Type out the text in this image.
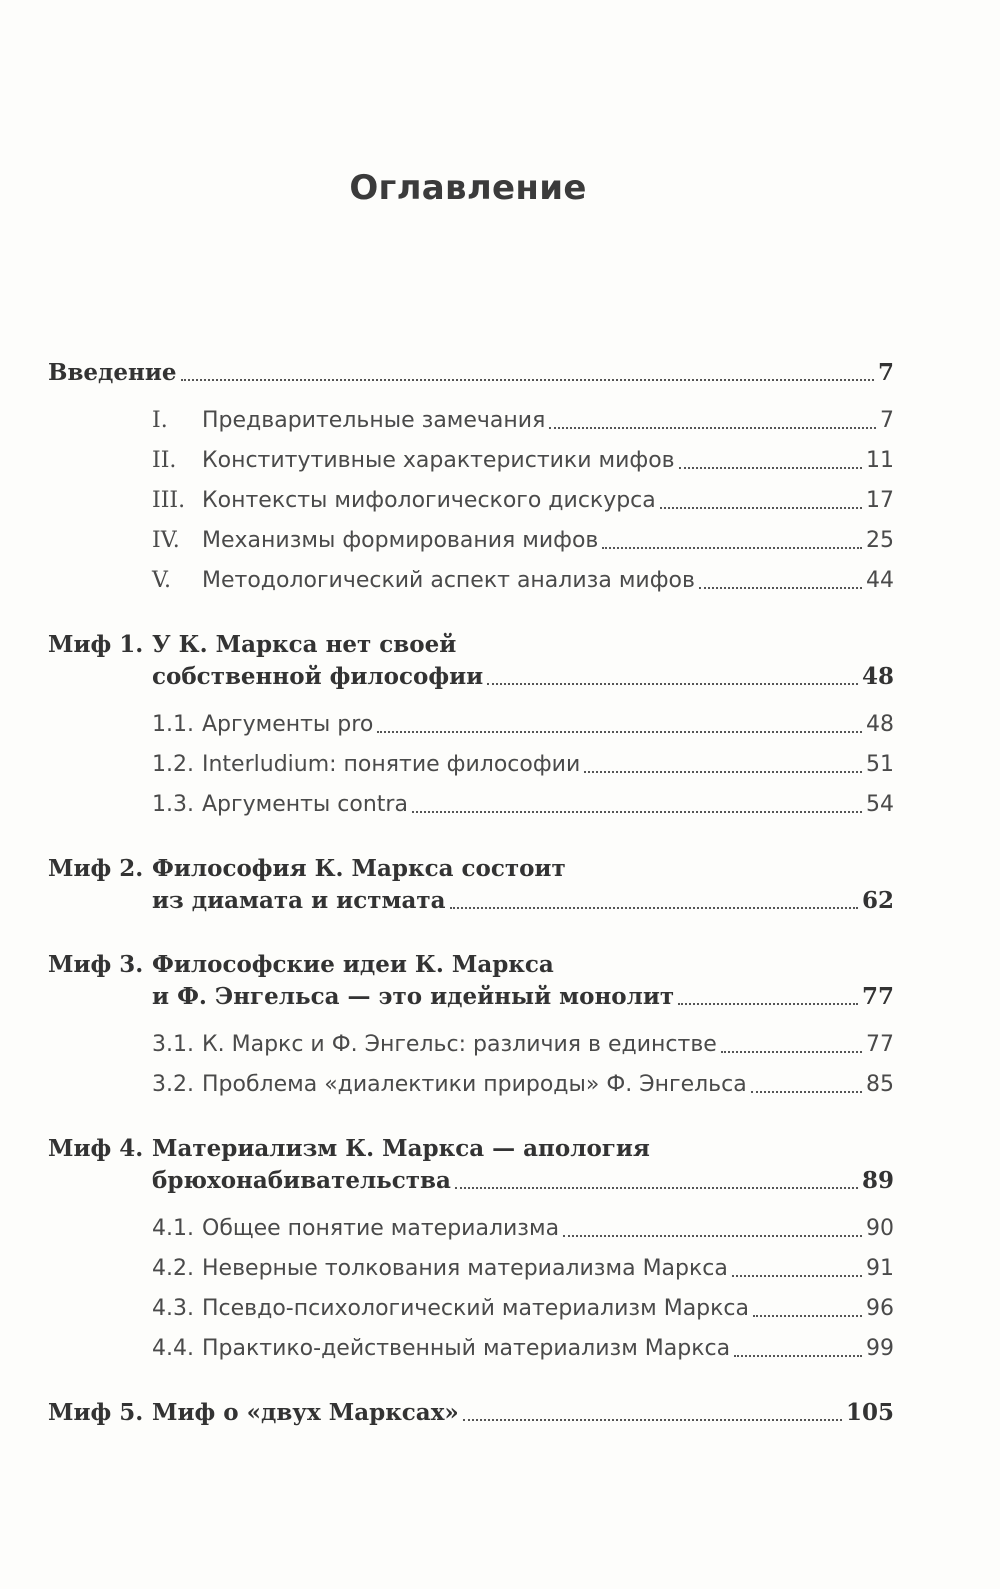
Оглавление
Введение	7
I.	Предварительные замечания	7
II.	Конститутивные характеристики мифов	11
III. Контексты мифологического дискурса	17
IV.	Механизмы формирования мифов	25
V.	Методологический аспект анализа мифов	44
Миф 1. У К. Маркса нет своей
собственной философии	48
1.1. Аргументы pro	48
1.2. Interludium: понятие философии	51
1.3. Аргументы contra	54
Миф 2. Философия К. Маркса состоит
из диамата и истмата	62
Миф 3. Философские идеи К. Маркса
и Ф. Энгельса — это идейный монолит	77
3.1. К. Маркс и Ф. Энгельс: различия в единстве	77
3.2. Проблема «диалектики природы» Ф. Энгельса	85
Миф 4. Материализм К. Маркса — апология
брюхонабивательства	89
4.1. Общее понятие материализма	90
4.2. Неверные толкования материализма Маркса	91
4.3. Псевдо-психологический материализм Маркса	96
4.4. Практико-действенный материализм Маркса	99
Миф 5. Миф о «двух Марксах»	105
